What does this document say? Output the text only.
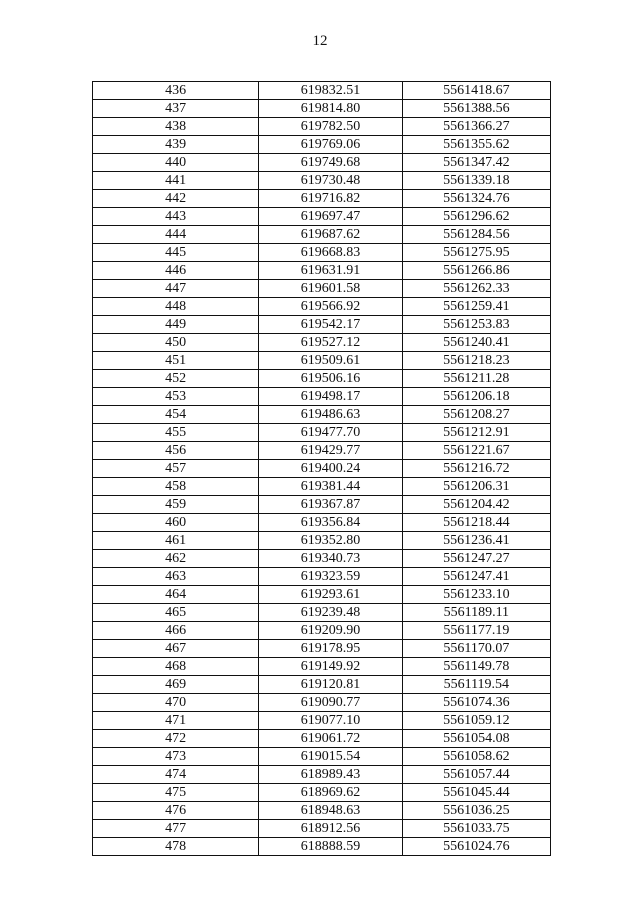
12
436	619832.51	5561418.67
437	619814.80	5561388.56
438	619782.50	5561366.27
439	619769.06	5561355.62
440	619749.68	5561347.42
441	619730.48	5561339.18
442	619716.82	5561324.76
443	619697.47	5561296.62
444	619687.62	5561284.56
445	619668.83	5561275.95
446	619631.91	5561266.86
447	619601.58	5561262.33
448	619566.92	5561259.41
449	619542.17	5561253.83
450	619527.12	5561240.41
451	619509.61	5561218.23
452	619506.16	5561211.28
453	619498.17	5561206.18
454	619486.63	5561208.27
455	619477.70	5561212.91
456	619429.77	5561221.67
457	619400.24	5561216.72
458	619381.44	5561206.31
459	619367.87	5561204.42
460	619356.84	5561218.44
461	619352.80	5561236.41
462	619340.73	5561247.27
463	619323.59	5561247.41
464	619293.61	5561233.10
465	619239.48	5561189.11
466	619209.90	5561177.19
467	619178.95	5561170.07
468	619149.92	5561149.78
469	619120.81	5561119.54
470	619090.77	5561074.36
471	619077.10	5561059.12
472	619061.72	5561054.08
473	619015.54	5561058.62
474	618989.43	5561057.44
475	618969.62	5561045.44
476	618948.63	5561036.25
477	618912.56	5561033.75
478	618888.59	5561024.76
